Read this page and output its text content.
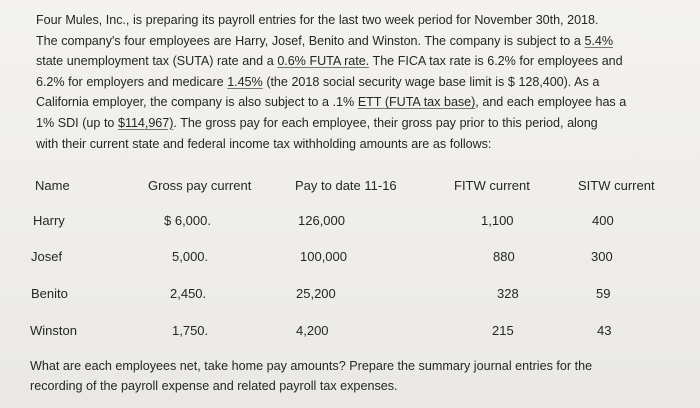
Four Mules, Inc., is preparing its payroll entries for the last two week period for November 30th, 2018.

The company's four employees are Harry, Josef, Benito and Winston. The company is subject to a 5.4%

state unemployment tax (SUTA) rate and a 0.6% FUTA rate. The FICA tax rate is 6.2% for employees and

6.2% for employers and medicare 1.45% (the 2018 social security wage base limit is $ 128,400). As a

California employer, the company is also subject to a .1% ETT (FUTA tax base), and each employee has a

1% SDI (up to $114,967). The gross pay for each employee, their gross pay prior to this period, along

with their current state and federal income tax withholding amounts are as follows:

Name	Gross pay current	Pay to date 11-16	FITW current	SITW current
Harry	$ 6,000.	126,000	1,100	400
Josef	5,000.	100,000	880	300
Benito	2,450.	25,200	328	59
Winston	1,750.	4,200	215	43

What are each employees net, take home pay amounts? Prepare the summary journal entries for the

recording of the payroll expense and related payroll tax expenses.
